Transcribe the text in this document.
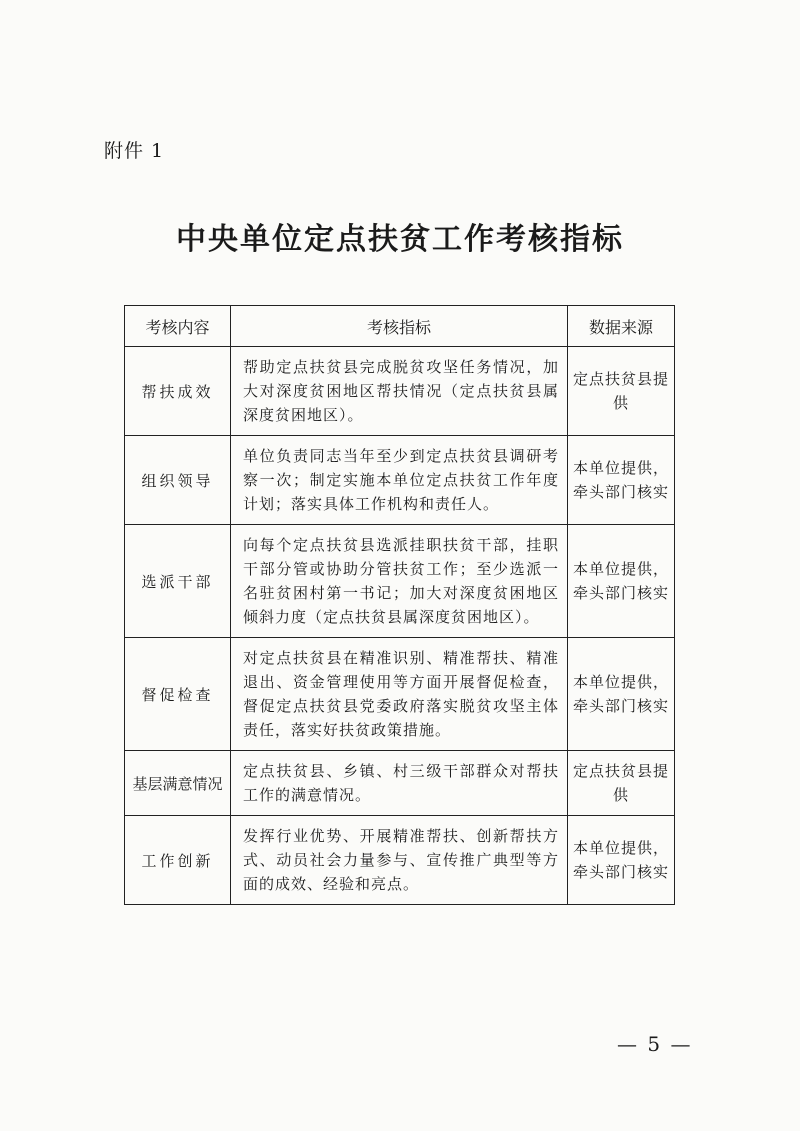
附件 1
中央单位定点扶贫工作考核指标
考核内容	考核指标	数据来源
帮扶成效	帮助定点扶贫县完成脱贫攻坚任务情况，加大对深度贫困地区帮扶情况（定点扶贫县属深度贫困地区）。	定点扶贫县提供
组织领导	单位负责同志当年至少到定点扶贫县调研考察一次；制定实施本单位定点扶贫工作年度计划；落实具体工作机构和责任人。	本单位提供，牵头部门核实
选派干部	向每个定点扶贫县选派挂职扶贫干部，挂职干部分管或协助分管扶贫工作；至少选派一名驻贫困村第一书记；加大对深度贫困地区倾斜力度（定点扶贫县属深度贫困地区）。	本单位提供，牵头部门核实
督促检查	对定点扶贫县在精准识别、精准帮扶、精准退出、资金管理使用等方面开展督促检查，督促定点扶贫县党委政府落实脱贫攻坚主体责任，落实好扶贫政策措施。	本单位提供，牵头部门核实
基层满意情况	定点扶贫县、乡镇、村三级干部群众对帮扶工作的满意情况。	定点扶贫县提供
工作创新	发挥行业优势、开展精准帮扶、创新帮扶方式、动员社会力量参与、宣传推广典型等方面的成效、经验和亮点。	本单位提供，牵头部门核实
— 5 —
